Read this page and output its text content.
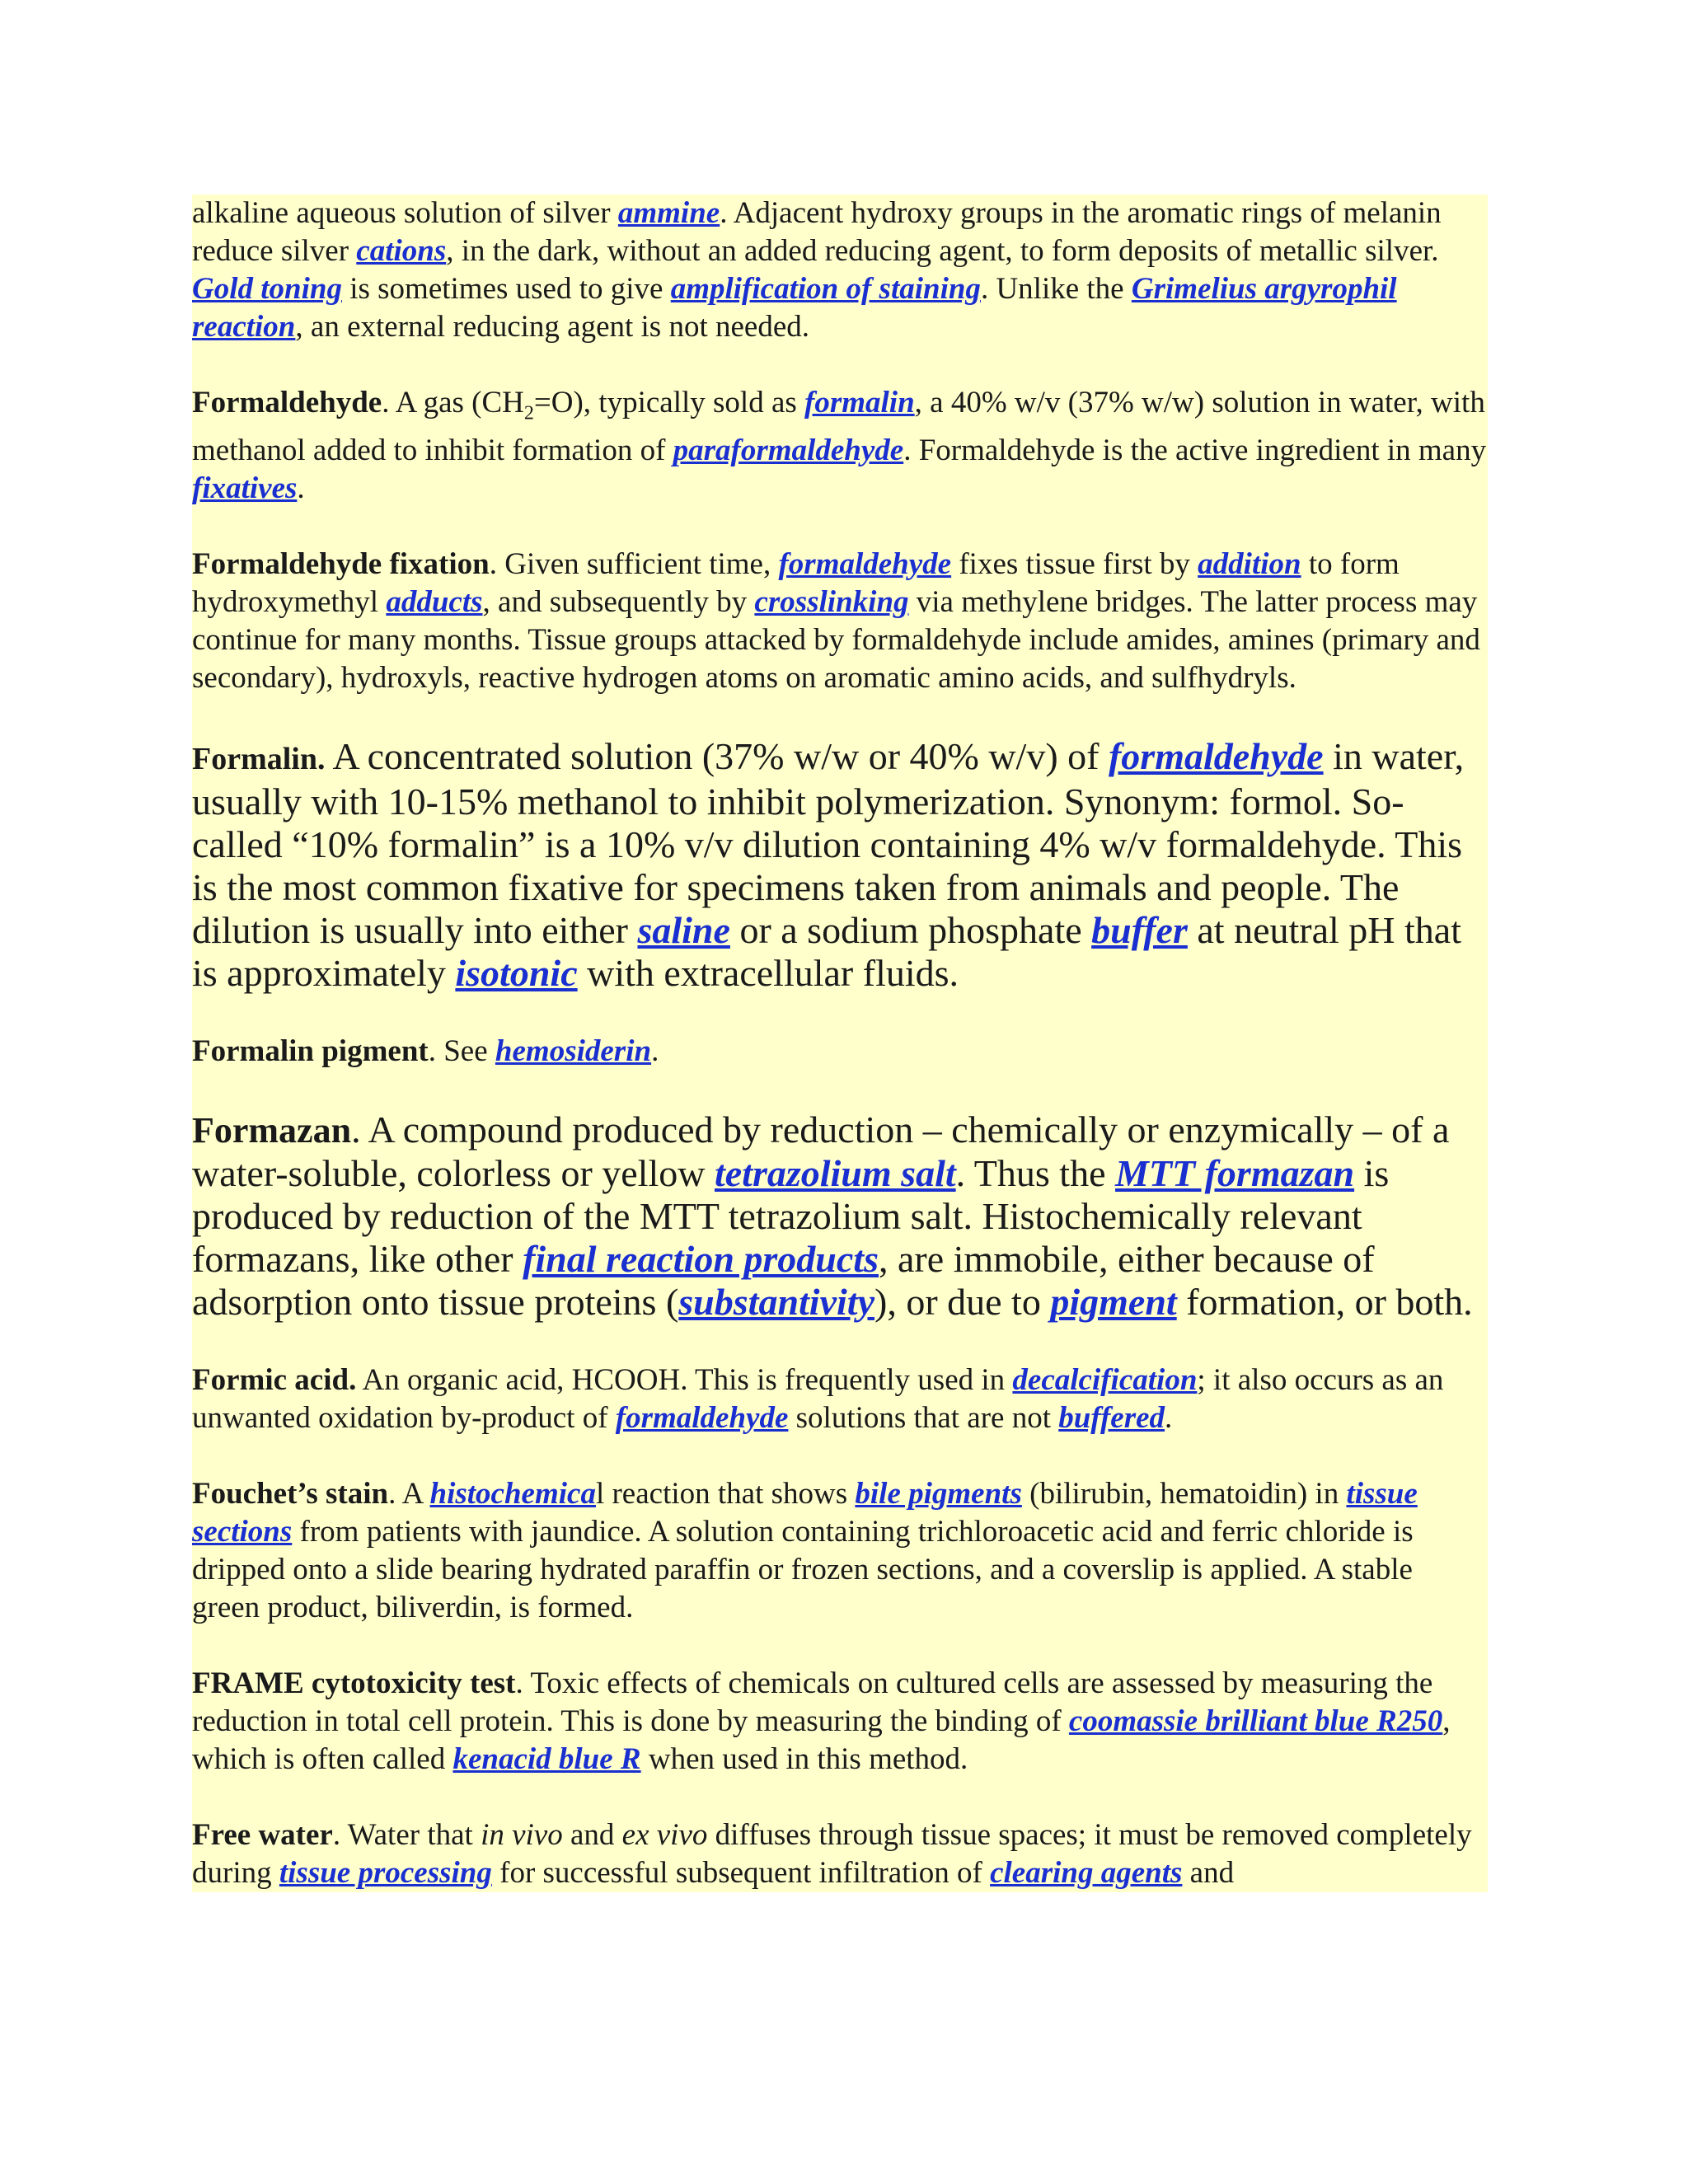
alkaline aqueous solution of silver ammine. Adjacent hydroxy groups in the aromatic rings of melanin reduce silver cations, in the dark, without an added reducing agent, to form deposits of metallic silver. Gold toning is sometimes used to give amplification of staining. Unlike the Grimelius argyrophil reaction, an external reducing agent is not needed.

Formaldehyde. A gas $(CH_2=O)$, typically sold as formalin, a 40% w/v (37% w/w) solution in water, with methanol added to inhibit formation of paraformaldehyde. Formaldehyde is the active ingredient in many fixatives.

Formaldehyde fixation. Given sufficient time, formaldehyde fixes tissue first by addition to form hydroxymethyl adducts, and subsequently by crosslinking via methylene bridges. The latter process may continue for many months. Tissue groups attacked by formaldehyde include amides, amines (primary and secondary), hydroxyls, reactive hydrogen atoms on aromatic amino acids, and sulfhydryls.

Formalin. A concentrated solution (37% w/w or 40% w/v) of formaldehyde in water, usually with 10-15% methanol to inhibit polymerization. Synonym: formol. So-called “10% formalin” is a 10% v/v dilution containing 4% w/v formaldehyde. This is the most common fixative for specimens taken from animals and people. The dilution is usually into either saline or a sodium phosphate buffer at neutral pH that is approximately isotonic with extracellular fluids.

Formalin pigment. See hemosiderin.

Formazan. A compound produced by reduction – chemically or enzymically – of a water-soluble, colorless or yellow tetrazolium salt. Thus the MTT formazan is produced by reduction of the MTT tetrazolium salt. Histochemically relevant formazans, like other final reaction products, are immobile, either because of adsorption onto tissue proteins (substantivity), or due to pigment formation, or both.

Formic acid. An organic acid, HCOOH. This is frequently used in decalcification; it also occurs as an unwanted oxidation by-product of formaldehyde solutions that are not buffered.

Fouchet’s stain. A histochemical reaction that shows bile pigments (bilirubin, hematoidin) in tissue sections from patients with jaundice. A solution containing trichloroacetic acid and ferric chloride is dripped onto a slide bearing hydrated paraffin or frozen sections, and a coverslip is applied. A stable green product, biliverdin, is formed.

FRAME cytotoxicity test. Toxic effects of chemicals on cultured cells are assessed by measuring the reduction in total cell protein. This is done by measuring the binding of coomassie brilliant blue R250, which is often called kenacid blue R when used in this method.

Free water. Water that in vivo and ex vivo diffuses through tissue spaces; it must be removed completely during tissue processing for successful subsequent infiltration of clearing agents and
